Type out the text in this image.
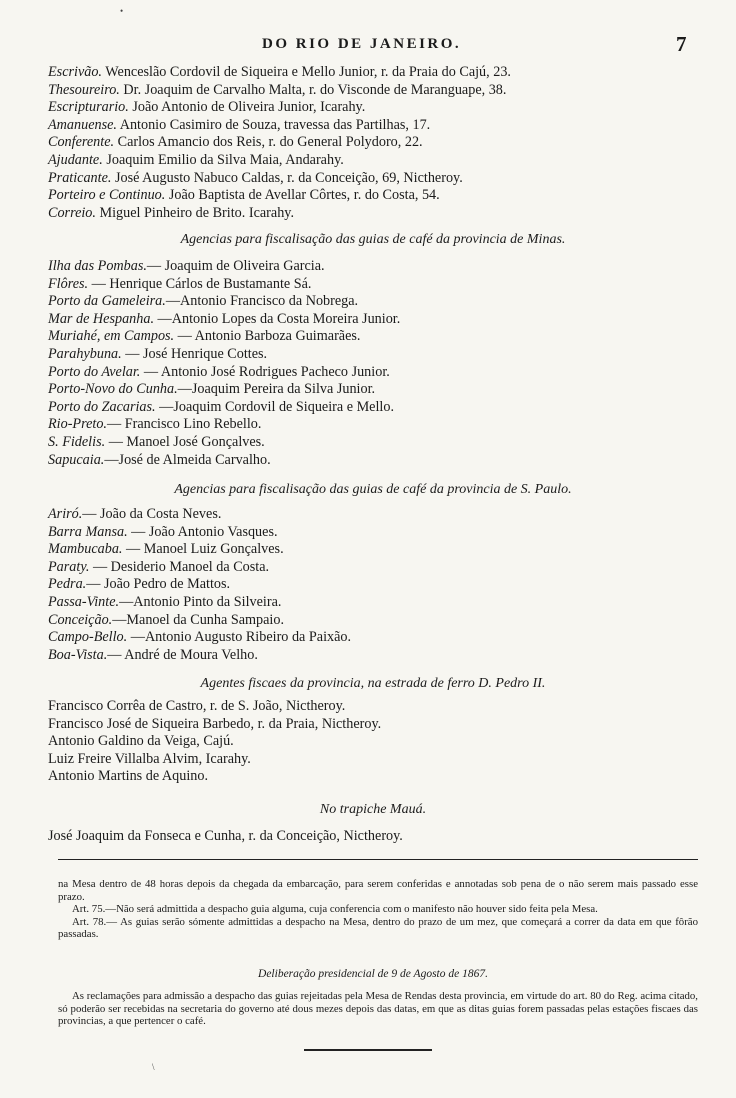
DO RIO DE JANEIRO.	7
Escrivão. Wenceslão Cordovil de Siqueira e Mello Junior, r. da Praia do Cajú, 23.
Thesoureiro. Dr. Joaquim de Carvalho Malta, r. do Visconde de Maranguape, 38.
Escripturario. João Antonio de Oliveira Junior, Icarahy.
Amanuense. Antonio Casimiro de Souza, travessa das Partilhas, 17.
Conferente. Carlos Amancio dos Reis, r. do General Polydoro, 22.
Ajudante. Joaquim Emilio da Silva Maia, Andarahy.
Praticante. José Augusto Nabuco Caldas, r. da Conceição, 69, Nictheroy.
Porteiro e Continuo. João Baptista de Avellar Côrtes, r. do Costa, 54.
Correio. Miguel Pinheiro de Brito. Icarahy.
Agencias para fiscalisação das guias de café da provincia de Minas.
Ilha das Pombas.— Joaquim de Oliveira Garcia.
Flôres. — Henrique Cárlos de Bustamante Sá.
Porto da Gameleira.—Antonio Francisco da Nobrega.
Mar de Hespanha. —Antonio Lopes da Costa Moreira Junior.
Muriahé, em Campos. — Antonio Barboza Guimarães.
Parahybuna. — José Henrique Cottes.
Porto do Avelar. — Antonio José Rodrigues Pacheco Junior.
Porto-Novo do Cunha.—Joaquim Pereira da Silva Junior.
Porto do Zacarias. —Joaquim Cordovil de Siqueira e Mello.
Rio-Preto.— Francisco Lino Rebello.
S. Fidelis. — Manoel José Gonçalves.
Sapucaia.—José de Almeida Carvalho.
Agencias para fiscalisação das guias de café da provincia de S. Paulo.
Ariró.— João da Costa Neves.
Barra Mansa. — João Antonio Vasques.
Mambucaba. — Manoel Luiz Gonçalves.
Paraty. — Desiderio Manoel da Costa.
Pedra.— João Pedro de Mattos.
Passa-Vinte.—Antonio Pinto da Silveira.
Conceição.—Manoel da Cunha Sampaio.
Campo-Bello. —Antonio Augusto Ribeiro da Paixão.
Boa-Vista.— André de Moura Velho.
Agentes fiscaes da provincia, na estrada de ferro D. Pedro II.
Francisco Corrêa de Castro, r. de S. João, Nictheroy.
Francisco José de Siqueira Barbedo, r. da Praia, Nictheroy.
Antonio Galdino da Veiga, Cajú.
Luiz Freire Villalba Alvim, Icarahy.
Antonio Martins de Aquino.
No trapiche Mauá.
José Joaquim da Fonseca e Cunha, r. da Conceição, Nictheroy.

na Mesa dentro de 48 horas depois da chegada da embarcação, para serem conferidas e annotadas sob pena de o não serem mais passado esse prazo.

Art. 75.—Não será admittida a despacho guia alguma, cuja conferencia com o manifesto não houver sido feita pela Mesa.

Art. 78.— As guias serão sómente admittidas a despacho na Mesa, dentro do prazo de um mez, que começará a correr da data em que fôrão passadas.

Deliberação presidencial de 9 de Agosto de 1867.

As reclamações para admissão a despacho das guias rejeitadas pela Mesa de Rendas desta provincia, em virtude do art. 80 do Reg. acima citado, só poderão ser recebidas na secretaria do governo até dous mezes depois das datas, em que as ditas guias forem passadas pelas estações fiscaes das provincias, a que pertencer o café.

•
\
